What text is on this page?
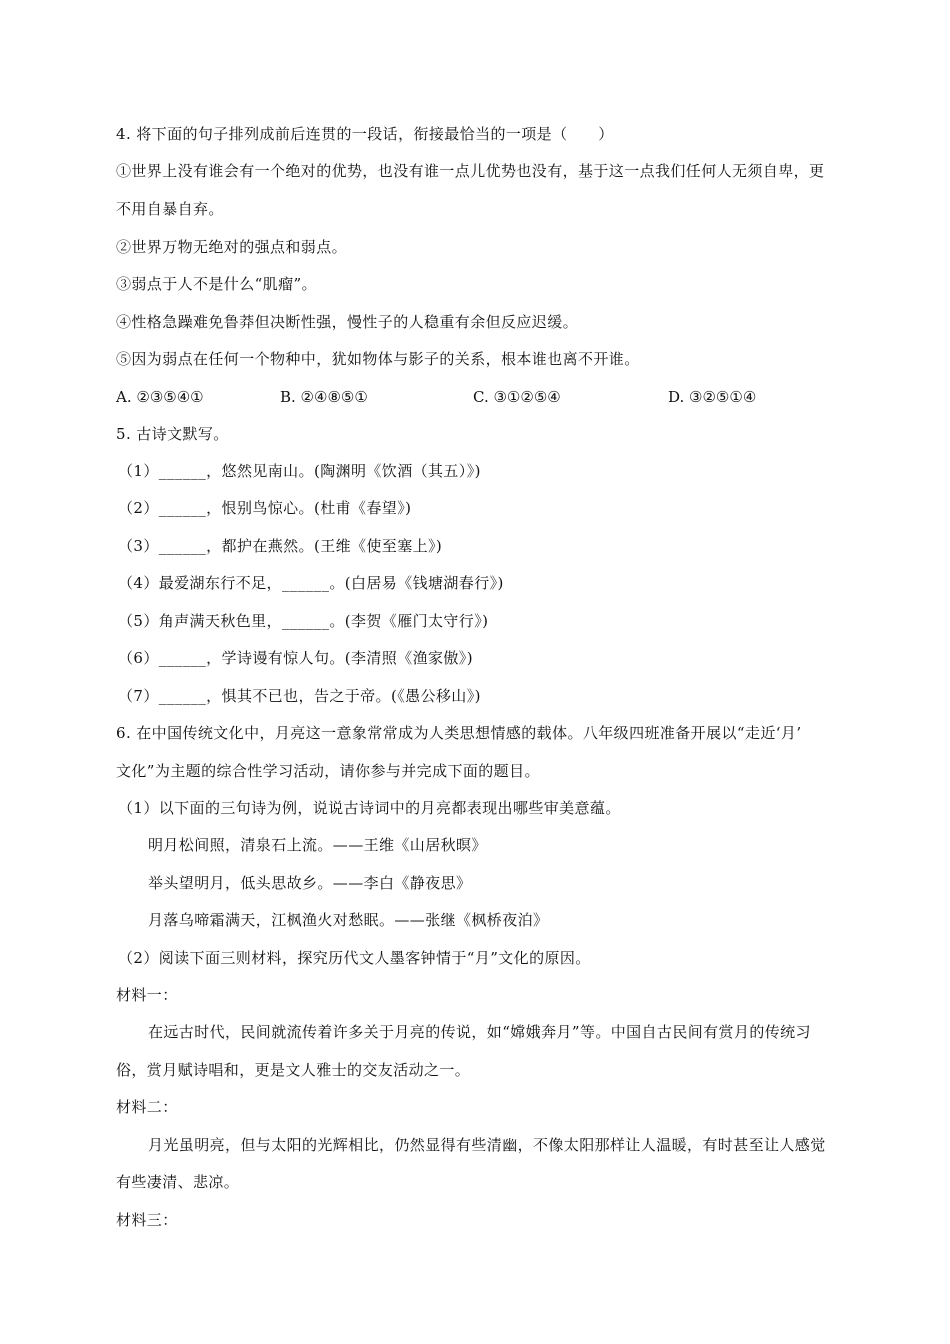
4. 将下面的句子排列成前后连贯的一段话，衔接最恰当的一项是（　　）
①世界上没有谁会有一个绝对的优势，也没有谁一点儿优势也没有，基于这一点我们任何人无须自卑，更
不用自暴自弃。
②世界万物无绝对的强点和弱点。
③弱点于人不是什么“肌瘤”。
④性格急躁难免鲁莽但决断性强，慢性子的人稳重有余但反应迟缓。
⑤因为弱点在任何一个物种中，犹如物体与影子的关系，根本谁也离不开谁。
A. ②③⑤④①	B. ②④⑧⑤①	C. ③①②⑤④	D. ③②⑤①④
5. 古诗文默写。
（1）______，悠然见南山。(陶渊明《饮酒（其五）》)
（2）______，恨别鸟惊心。(杜甫《春望》)
（3）______，都护在燕然。(王维《使至塞上》)
（4）最爱湖东行不足，______。(白居易《钱塘湖春行》)
（5）角声满天秋色里，______。(李贺《雁门太守行》)
（6）______，学诗谩有惊人句。(李清照《渔家傲》)
（7）______，惧其不已也，告之于帝。(《愚公移山》)
6. 在中国传统文化中，月亮这一意象常常成为人类思想情感的载体。八年级四班准备开展以“走近‘月’
文化”为主题的综合性学习活动，请你参与并完成下面的题目。
（1）以下面的三句诗为例，说说古诗词中的月亮都表现出哪些审美意蕴。
明月松间照，清泉石上流。——王维《山居秋暝》
举头望明月，低头思故乡。——李白《静夜思》
月落乌啼霜满天，江枫渔火对愁眠。——张继《枫桥夜泊》
（2）阅读下面三则材料，探究历代文人墨客钟情于“月”文化的原因。
材料一：
在远古时代，民间就流传着许多关于月亮的传说，如“嫦娥奔月”等。中国自古民间有赏月的传统习
俗，赏月赋诗唱和，更是文人雅士的交友活动之一。
材料二：
月光虽明亮，但与太阳的光辉相比，仍然显得有些清幽，不像太阳那样让人温暖，有时甚至让人感觉
有些凄清、悲凉。
材料三：
